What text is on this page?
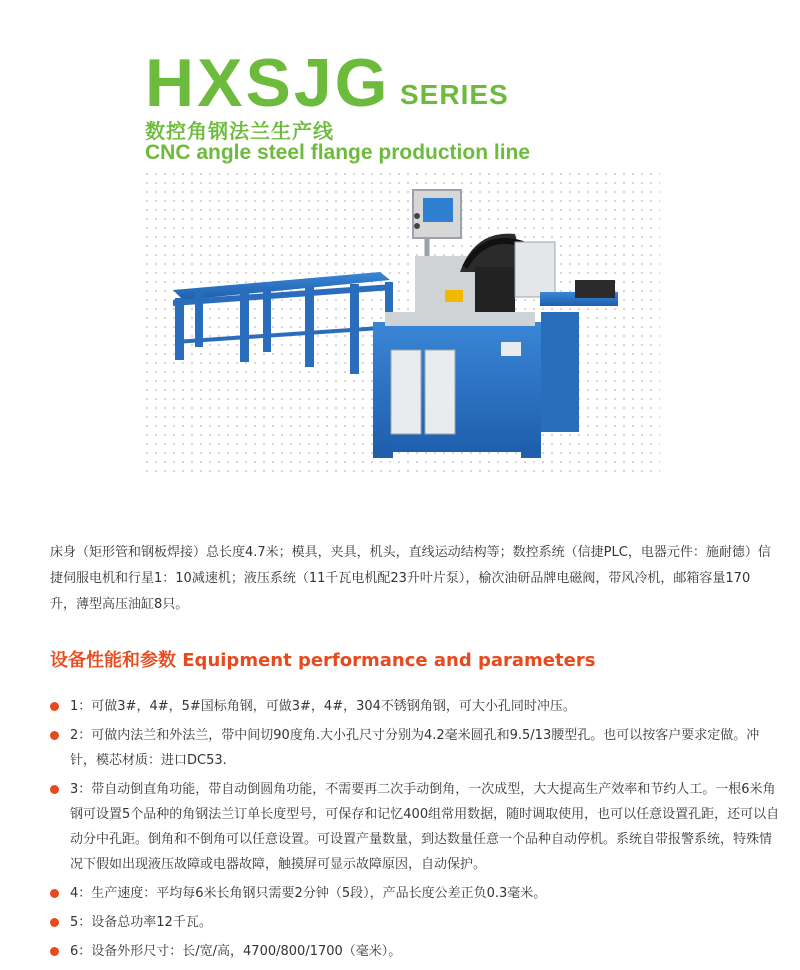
HXSJG SERIES
数控角钢法兰生产线
CNC angle steel flange production line

床身（矩形管和钢板焊接）总长度4.7米；模具，夹具，机头，直线运动结构等；数控系统（信捷PLC，电器元件：施耐德）信捷伺服电机和行星1：10减速机；液压系统（11千瓦电机配23升叶片泵），榆次油研品牌电磁阀，带风冷机，邮箱容量170升，薄型高压油缸8只。

设备性能和参数 Equipment performance and parameters
1：可做3#，4#，5#国标角钢，可做3#，4#，304不锈钢角钢，可大小孔同时冲压。
2：可做内法兰和外法兰，带中间切90度角.大小孔尺寸分别为4.2毫米圆孔和9.5/13腰型孔。也可以按客户要求定做。冲针，模芯材质：进口DC53.
3：带自动倒直角功能，带自动倒圆角功能，不需要再二次手动倒角，一次成型，大大提高生产效率和节约人工。一根6米角钢可设置5个品种的角钢法兰订单长度型号，可保存和记忆400组常用数据，随时调取使用，也可以任意设置孔距，还可以自动分中孔距。倒角和不倒角可以任意设置。可设置产量数量，到达数量任意一个品种自动停机。系统自带报警系统，特殊情况下假如出现液压故障或电器故障，触摸屏可显示故障原因，自动保护。
4：生产速度：平均每6米长角钢只需要2分钟（5段），产品长度公差正负0.3毫米。
5：设备总功率12千瓦。
6：设备外形尺寸：长/宽/高，4700/800/1700（毫米）。
